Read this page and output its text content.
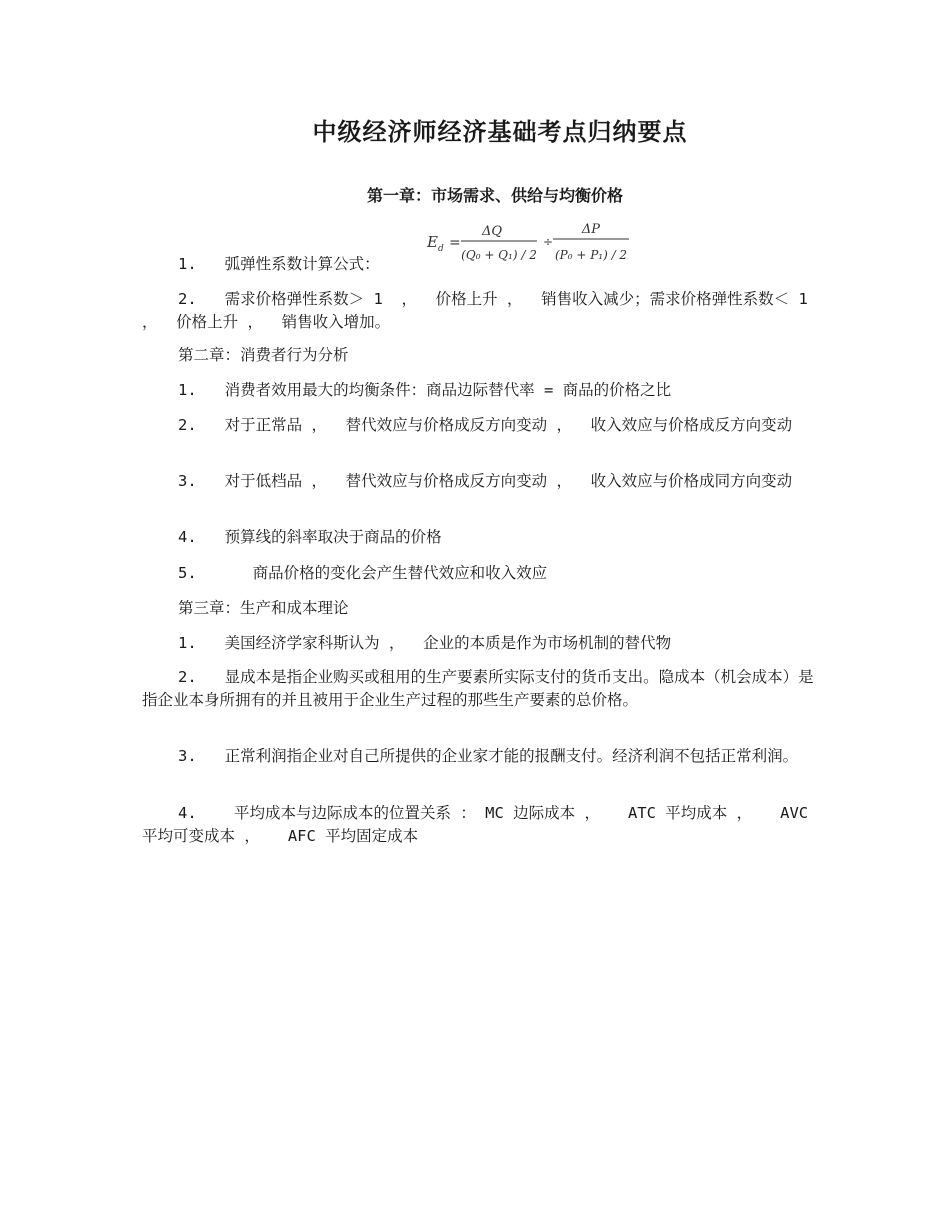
中级经济师经济基础考点归纳要点
第一章：市场需求、供给与均衡价格
1.   弧弹性系数计算公式：
E d =
ΔQ
(Q₀ + Q₁) / 2
÷
ΔP
(P₀ + P₁) / 2
2.   需求价格弹性系数＞ 1  ，  价格上升 ，  销售收入减少；需求价格弹性系数＜ 1  ，  价格上升 ，  销售收入增加。
第二章：消费者行为分析
1.   消费者效用最大的均衡条件：商品边际替代率 = 商品的价格之比
2.   对于正常品 ，  替代效应与价格成反方向变动 ，  收入效应与价格成反方向变动
3.   对于低档品 ，  替代效应与价格成反方向变动 ，  收入效应与价格成同方向变动
4.   预算线的斜率取决于商品的价格
5.      商品价格的变化会产生替代效应和收入效应
第三章：生产和成本理论
1.   美国经济学家科斯认为 ，  企业的本质是作为市场机制的替代物
2.   显成本是指企业购买或租用的生产要素所实际支付的货币支出。隐成本（机会成本）是指企业本身所拥有的并且被用于企业生产过程的那些生产要素的总价格。
3.   正常利润指企业对自己所提供的企业家才能的报酬支付。经济利润不包括正常利润。
4.    平均成本与边际成本的位置关系 ： MC 边际成本 ，   ATC 平均成本 ，   AVC 平均可变成本 ，   AFC 平均固定成本
